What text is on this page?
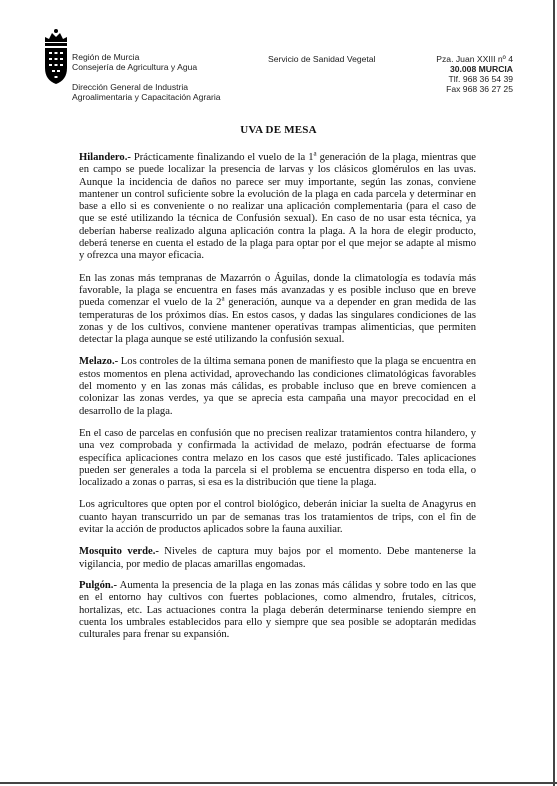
Región de Murcia
Consejería de Agricultura y Agua
Dirección General de Industria
Agroalimentaria y Capacitación Agraria
Servicio de Sanidad Vegetal	Pza. Juan XXIII nº 4
30.008 MURCIA
Tlf. 968 36 54 39
Fax 968 36 27 25
UVA DE MESA

Hilandero.- Prácticamente finalizando el vuelo de la 1$^a$ generación de la plaga, mientras que en campo se puede localizar la presencia de larvas y los clásicos glomérulos en las uvas. Aunque la incidencia de daños no parece ser muy importante, según las zonas, conviene mantener un control suficiente sobre la evolución de la plaga en cada parcela y determinar en base a ello si es conveniente o no realizar una aplicación complementaria (para el caso de que se esté utilizando la técnica de Confusión sexual). En caso de no usar esta técnica, ya deberían haberse realizado alguna aplicación contra la plaga. A la hora de elegir producto, deberá tenerse en cuenta el estado de la plaga para optar por el que mejor se adapte al mismo y ofrezca una mayor eficacia.

En las zonas más tempranas de Mazarrón o Águilas, donde la climatología es todavía más favorable, la plaga se encuentra en fases más avanzadas y es posible incluso que en breve pueda comenzar el vuelo de la 2$^a$ generación, aunque va a depender en gran medida de las temperaturas de los próximos días. En estos casos, y dadas las singulares condiciones de las zonas y de los cultivos, conviene mantener operativas trampas alimenticias, que permiten detectar la plaga aunque se esté utilizando la confusión sexual.

Melazo.- Los controles de la última semana ponen de manifiesto que la plaga se encuentra en estos momentos en plena actividad, aprovechando las condiciones climatológicas favorables del momento y en las zonas más cálidas, es probable incluso que en breve comiencen a colonizar las zonas verdes, ya que se aprecia esta campaña una mayor precocidad en el desarrollo de la plaga.

En el caso de parcelas en confusión que no precisen realizar tratamientos contra hilandero, y una vez comprobada y confirmada la actividad de melazo, podrán efectuarse de forma específica aplicaciones contra melazo en los casos que esté justificado. Tales aplicaciones pueden ser generales a toda la parcela si el problema se encuentra disperso en toda ella, o localizado a zonas o parras, si esa es la distribución que tiene la plaga.

Los agricultores que opten por el control biológico, deberán iniciar la suelta de Anagyrus en cuanto hayan transcurrido un par de semanas tras los tratamientos de trips, con el fin de evitar la acción de productos aplicados sobre la fauna auxiliar.

Mosquito verde.- Niveles de captura muy bajos por el momento. Debe mantenerse la vigilancia, por medio de placas amarillas engomadas.

Pulgón.- Aumenta la presencia de la plaga en las zonas más cálidas y sobre todo en las que en el entorno hay cultivos con fuertes poblaciones, como almendro, frutales, cítricos, hortalizas, etc. Las actuaciones contra la plaga deberán determinarse teniendo siempre en cuenta los umbrales establecidos para ello y siempre que sea posible se adoptarán medidas culturales para frenar su expansión.
